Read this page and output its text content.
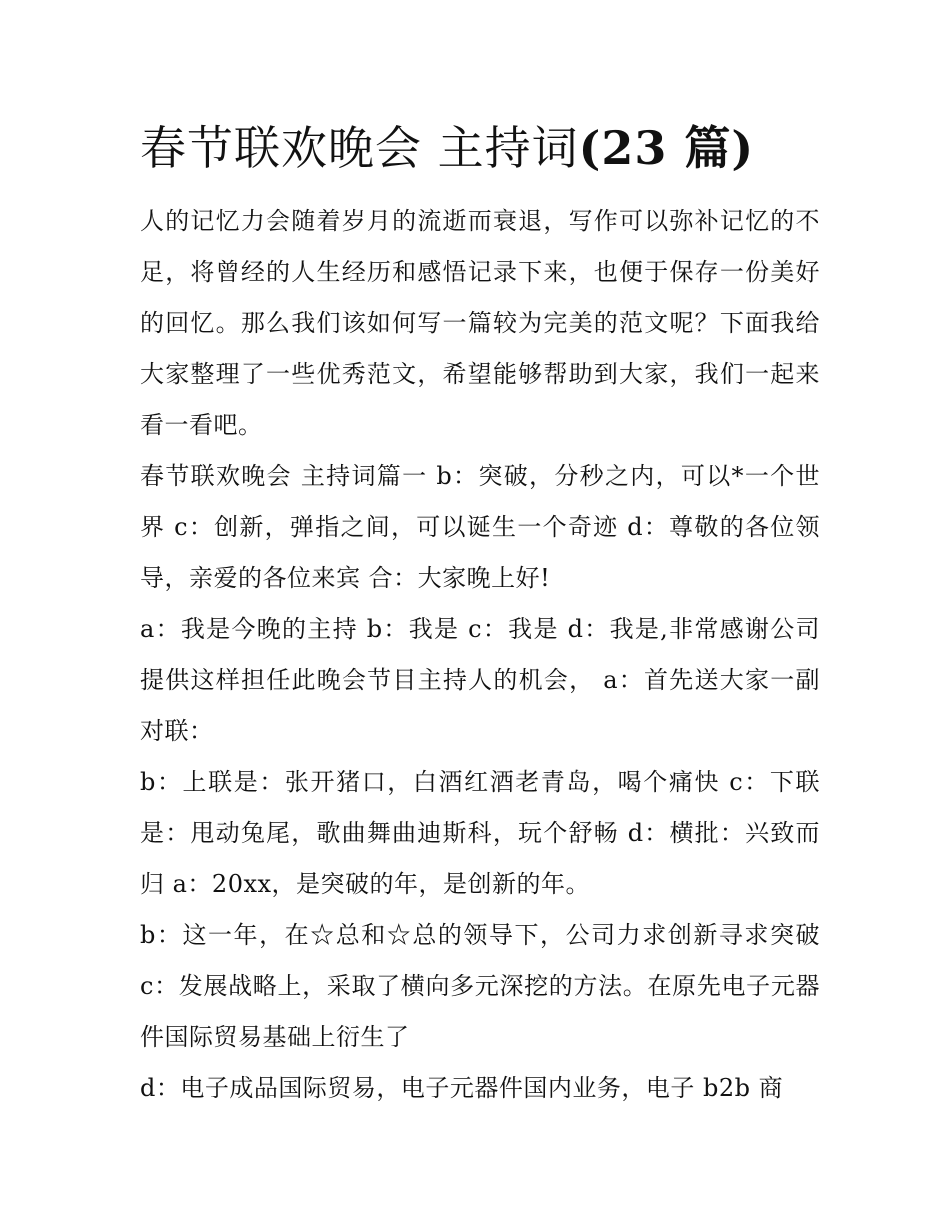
春节联欢晚会 主持词(23 篇)

人的记忆力会随着岁月的流逝而衰退，写作可以弥补记忆的不足，将曾经的人生经历和感悟记录下来，也便于保存一份美好的回忆。那么我们该如何写一篇较为完美的范文呢？下面我给大家整理了一些优秀范文，希望能够帮助到大家，我们一起来看一看吧。

春节联欢晚会 主持词篇一 b：突破，分秒之内，可以*一个世界 c：创新，弹指之间，可以诞生一个奇迹 d：尊敬的各位领导，亲爱的各位来宾 合：大家晚上好!

a：我是今晚的主持 b：我是 c：我是 d：我是,非常感谢公司提供这样担任此晚会节目主持人的机会， a：首先送大家一副对联：

b：上联是：张开猪口，白酒红酒老青岛，喝个痛快 c：下联是：甩动兔尾，歌曲舞曲迪斯科，玩个舒畅 d：横批：兴致而归 a：20xx，是突破的年，是创新的年。

b：这一年，在☆总和☆总的领导下，公司力求创新寻求突破 c：发展战略上，采取了横向多元深挖的方法。在原先电子元器件国际贸易基础上衍生了

d：电子成品国际贸易，电子元器件国内业务，电子 b2b 商
